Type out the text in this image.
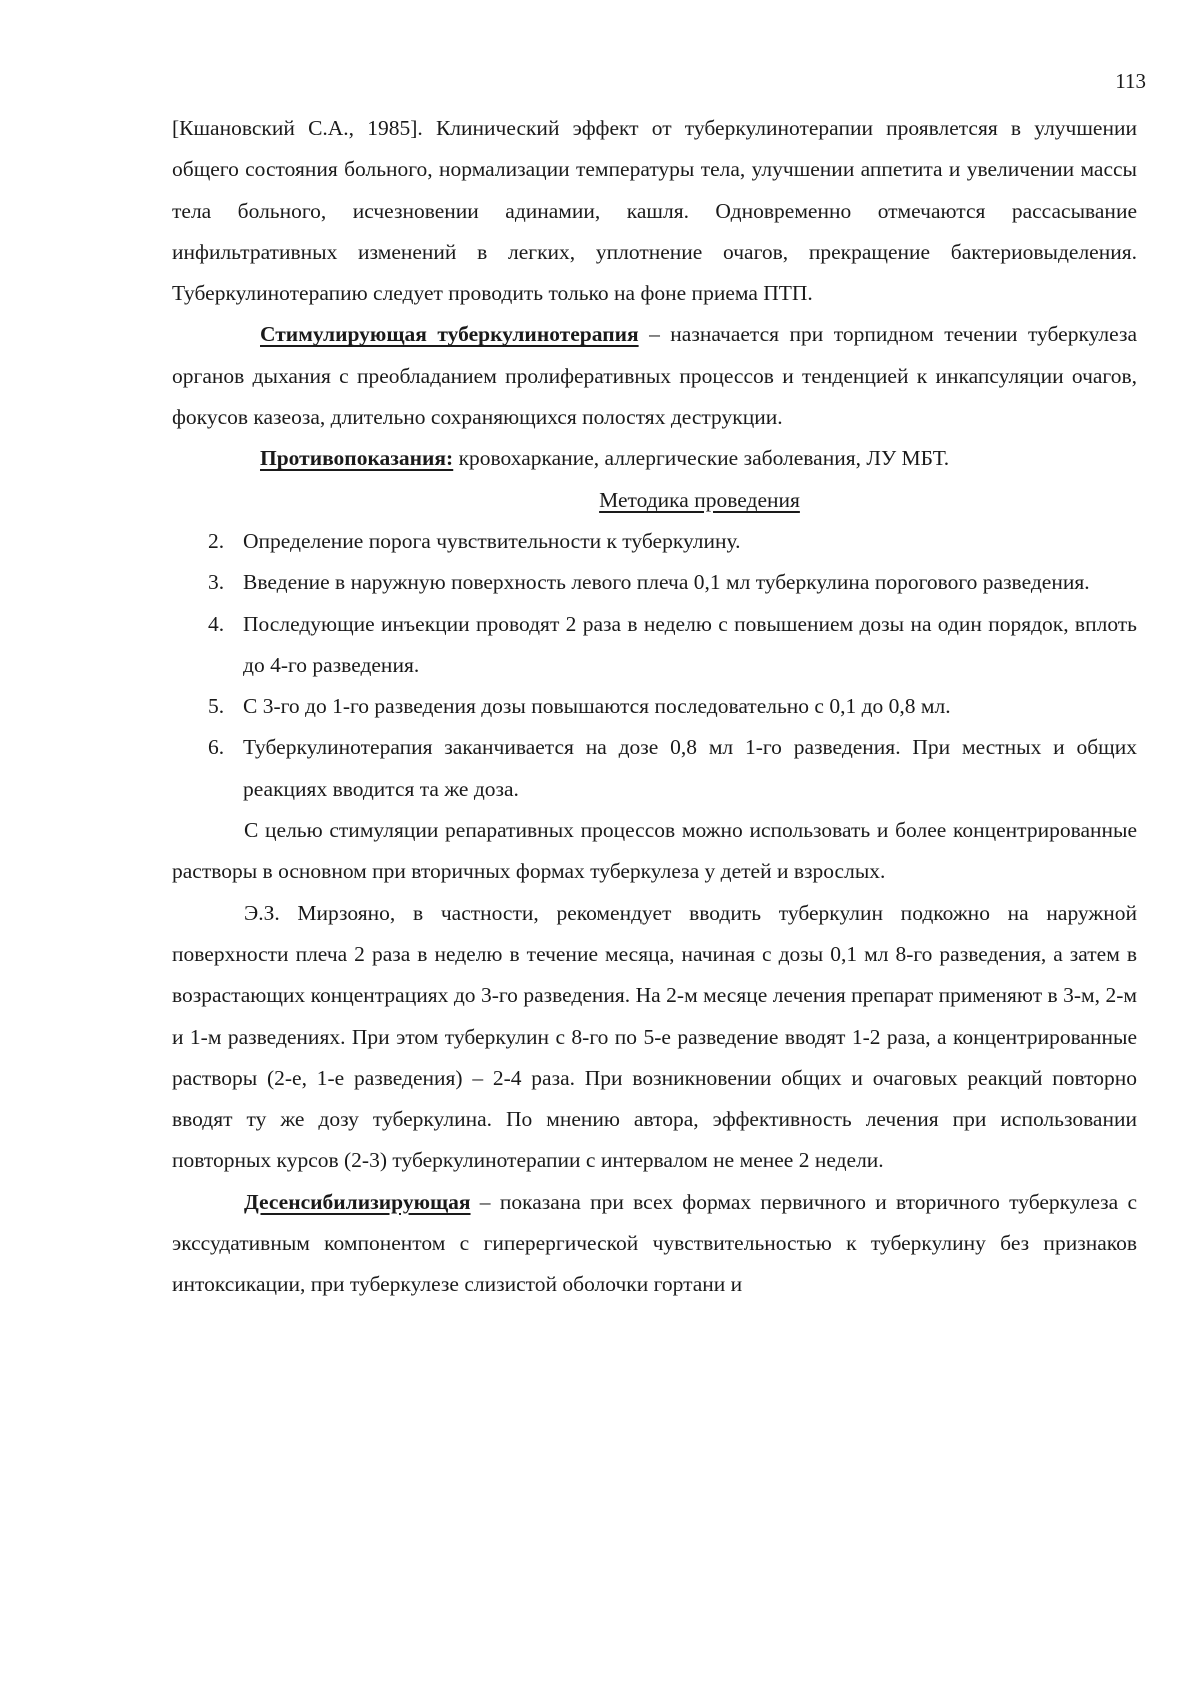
113

[Кшановский С.А., 1985]. Клинический эффект от туберкулинотерапии проявлетсяя в улучшении общего состояния больного, нормализации температуры тела, улучшении аппетита и увеличении массы тела больного, исчезновении адинамии, кашля. Одновременно отмечаются рассасывание инфильтративных изменений в легких, уплотнение очагов, прекращение бактериовыделения. Туберкулинотерапию следует проводить только на фоне приема ПТП.

Стимулирующая туберкулинотерапия – назначается при торпидном течении туберкулеза органов дыхания с преобладанием пролиферативных процессов и тенденцией к инкапсуляции очагов, фокусов казеоза, длительно сохраняющихся полостях деструкции.

Противопоказания: кровохаркание, аллергические заболевания, ЛУ МБТ.

Методика проведения

2. Определение порога чувствительности к туберкулину.
3. Введение в наружную поверхность левого плеча 0,1 мл туберкулина порогового разведения.
4. Последующие инъекции проводят 2 раза в неделю с повышением дозы на один порядок, вплоть до 4-го разведения.
5. С 3-го до 1-го разведения дозы повышаются последовательно с 0,1 до 0,8 мл.
6. Туберкулинотерапия заканчивается на дозе 0,8 мл 1-го разведения. При местных и общих реакциях вводится та же доза.

С целью стимуляции репаративных процессов можно использовать и более концентрированные растворы в основном при вторичных формах туберкулеза у детей и взрослых.

Э.З. Мирзояно, в частности, рекомендует вводить туберкулин подкожно на наружной поверхности плеча 2 раза в неделю в течение месяца, начиная с дозы 0,1 мл 8-го разведения, а затем в возрастающих концентрациях до 3-го разведения. На 2-м месяце лечения препарат применяют в 3-м, 2-м и 1-м разведениях. При этом туберкулин с 8-го по 5-е разведение вводят 1-2 раза, а концентрированные растворы (2-е, 1-е разведения) – 2-4 раза. При возникновении общих и очаговых реакций повторно вводят ту же дозу туберкулина. По мнению автора, эффективность лечения при использовании повторных курсов (2-3) туберкулинотерапии с интервалом не менее 2 недели.

Десенсибилизирующая – показана при всех формах первичного и вторичного туберкулеза с экссудативным компонентом с гиперергической чувствительностью к туберкулину без признаков интоксикации, при туберкулезе слизистой оболочки гортани и
